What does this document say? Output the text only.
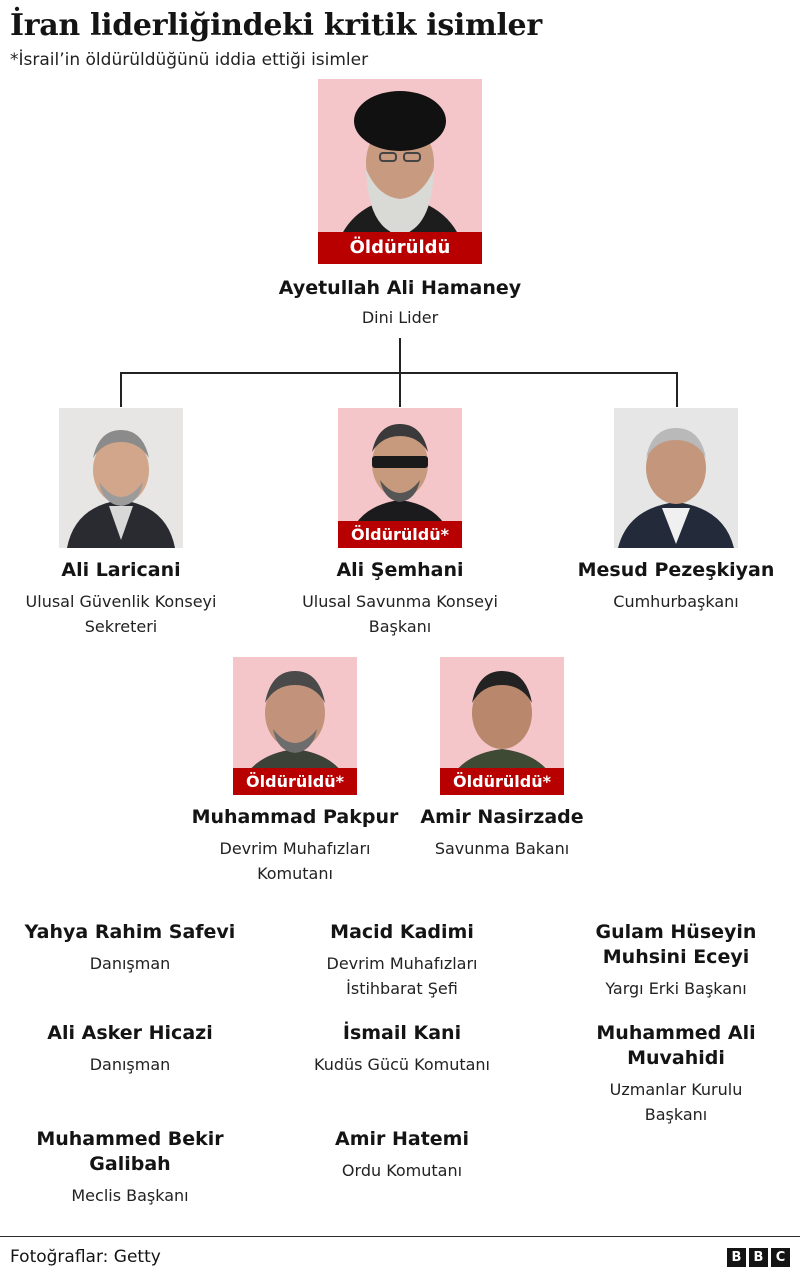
İran liderliğindeki kritik isimler
*İsrail’in öldürüldüğünü iddia ettiği isimler
Öldürüldü
Ayetullah Ali Hamaney
Dini Lider
Ali Laricani
Ulusal Güvenlik Konseyi
Sekreteri
Öldürüldü*
Ali Şemhani
Ulusal Savunma Konseyi
Başkanı
Mesud Pezeşkiyan
Cumhurbaşkanı
Öldürüldü*
Muhammad Pakpur
Devrim Muhafızları
Komutanı
Öldürüldü*
Amir Nasirzade
Savunma Bakanı
Yahya Rahim Safevi
Danışman
Macid Kadimi
Devrim Muhafızları
İstihbarat Şefi
Gulam Hüseyin
Muhsini Eceyi
Yargı Erki Başkanı
Ali Asker Hicazi
Danışman
İsmail Kani
Kudüs Gücü Komutanı
Muhammed Ali
Muvahidi
Uzmanlar Kurulu
Başkanı
Muhammed Bekir
Galibah
Meclis Başkanı
Amir Hatemi
Ordu Komutanı
Fotoğraflar: Getty	B B C
